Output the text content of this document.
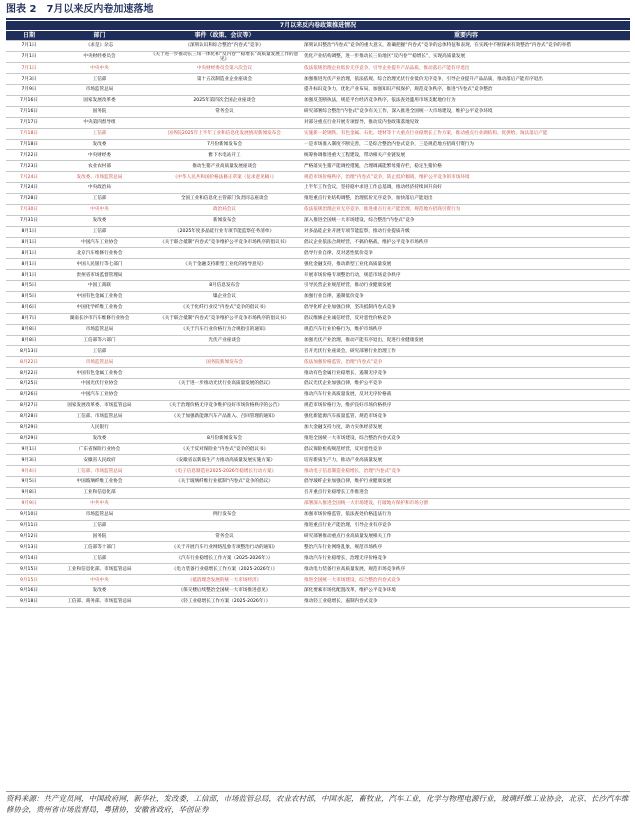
图表 2　7月以来反内卷加速落地
7月以来反内卷政策推进情况			
日期	部门	事件（政策、会议等）	重要内容
7月1日	《求是》杂志	《深刻认识和综合整治“内卷式”竞争》	深刻认识整治“内卷式”竞争的重大意义，准确把握“内卷式”竞争的总体特征和表现，在实践中不断探索有效整治“内卷式”竞争的举措
7月1日	中央财经委员会	《关于进一步推动长三角一体化和“反内卷”“稳增长”高质量发展工作的意见》	优化产业结构调整，进一步推动长三角地区“反内卷”“稳增长”，实现高质量发展
7月1日	中央中央	中央财经委员会第六次会议	依法依规治理企业低价无序竞争，引导企业提升产品品质，推动落后产能有序退出
7月3日	工信部	第十五次制造业企业座谈会	加强推进光伏产业治理，依法依规、综合治理光伏行业低价无序竞争，引导企业提升产品品质，推动落后产能有序退出
7月9日	市场监管总局		提升标识竞争力，优化产业布局，加强知识产权保护，规范竞争秩序，推进“内卷式”竞争整治
7月16日	国家发展改革委	2025年第四次全国企业座谈会	加强反垄断执法，规范平台经济竞争秩序，依法查处滥用市场支配地位行为
7月16日	国务院	常务会议	研究部署综合整治“内卷式”竞争有关工作，深入推进全国统一大市场建设，维护公平竞争环境
7月17日	中央第四督导组		对部分重点行业开展专项督导，推动反内卷政策落地见效
7月18日	工信部	国务院2025年上半年工业和信息化发展情况新闻发布会	实施新一轮钢铁、有色金属、石化、建材等十大重点行业稳增长工作方案，推动重点行业调结构、优供给、淘汰落后产能
7月18日	发改委	7月份新闻发布会	一是市场准入制度不断完善，二是综合整治内卷式竞争，三是规范地方招商引资行为
7月22日	中央财经委	雅下水电站开工	统筹协调推进重大工程建设，带动相关产业链发展
7月23日	农业农村部	推动生猪产业高质量发展座谈会	严格落实生猪产能调控措施，合理调减能繁母猪存栏，稳定生猪价格
7月24日	发改委、市场监管总局	《中华人民共和国价格法修正草案（征求意见稿）》	规范市场价格秩序，治理“内卷式”竞争，防止低价倾销，维护公平竞争的市场环境
7月24日	中央政治局		上半年工作会议，坚持稳中求进工作总基调，推动经济持续回升向好
7月28日	工信部	全国工业和信息化主管部门负责同志座谈会	推进重点行业结构调整，治理低价无序竞争，加快落后产能退出
7月30日	中央中央	政治局会议	依法依规治理企业无序竞争，推进重点行业产能治理，规范地方招商引资行为
7月31日	发改委	新闻发布会	深入推进全国统一大市场建设，综合整治“内卷式”竞争
8月1日	工信部	《2025年度多晶硅行业专项节能监察任务清单》	对多晶硅企业开展专项节能监察，推动行业提质升级
8月1日	中国汽车工业协会	《关于联合抵制“内卷式”竞争维护公平竞争市场秩序的倡议书》	倡议企业依法合规经营，不搞价格战，维护公平竞争市场秩序
8月1日	北京汽车维修行业协会		倡导行业自律，反对恶性低价竞争
8月1日	中国人民银行等七部门	《关于金融支持新型工业化的指导意见》	强化金融支持，推动新型工业化高质量发展
8月1日	贵州省市场监督管理局		开展市场价格专项整治行动，规范市场竞争秩序
8月5日	中国工商联	8月信息发布会	引导民营企业规范经营，推动行业健康发展
8月5日	中国有色金属工业协会	镍企业会议	加强行业自律，遏制低价竞争
8月6日	中国化学纤维工业协会	《关于化纤行业反“内卷式”竞争的倡议书》	倡导化纤企业加强自律，坚决抵制内卷式竞争
8月7日	湖南长沙市汽车维修行业协会	《关于联合抵制“内卷式”竞争维护公平竞争市场秩序的倡议书》	倡议维修企业诚信经营，反对恶性价格竞争
8月8日	市场监管总局	《关于汽车行业价格行为合规指引的通知》	规范汽车行业价格行为，维护市场秩序
8月8日	工信部等六部门	光伏产业座谈会	加强光伏产业治理，推动产能有序退出，促进行业健康发展
8月13日	工信部		召开光伏行业座谈会，研究部署行业治理工作
8月22日	市场监管总局	国务院新闻发布会	依法加强价格监管，治理“内卷式”竞争
8月22日	中国有色金属工业协会		推动有色金属行业稳增长，遏制无序竞争
8月25日	中国光伏行业协会	《关于进一步推动光伏行业高质量发展的倡议》	倡议光伏企业加强自律，维护公平竞争
8月26日	中国汽车工业协会		推动汽车行业高质量发展，反对无序价格战
8月27日	国家发展改革委、市场监管总局	《关于治理价格无序竞争维护良好市场价格秩序的公告》	规范市场价格行为，维护良好市场价格秩序
8月28日	工信部、市场监管总局	《关于加强新能源汽车产品准入、召回管理的通知》	强化新能源汽车质量监管，规范市场竞争
8月29日	人民银行		加大金融支持力度，助力实体经济发展
8月29日	发改委	8月份新闻发布会	推进全国统一大市场建设，综合整治内卷式竞争
9月1日	广东省保险行业协会	《关于反对保险业“内卷式”竞争的倡议书》	倡议保险机构规范经营，反对恶性竞争
9月3日	安徽省人民政府	《安徽省以新质生产力推动高质量发展实施方案》	培育新质生产力，推动产业高质量发展
9月4日	工信部、市场监管总局	《电子信息制造业2025-2026年稳增长行动方案》	推动电子信息制造业稳增长，治理“内卷式”竞争
9月5日	中国玻璃纤维工业协会	《关于玻璃纤维行业抵制“内卷式”竞争的倡议》	倡导玻纤企业加强自律，维护行业健康发展
9月8日	工业和信息化部		召开重点行业稳增长工作推进会
9月9日	中共中央		部署深入推进全国统一大市场建设，打破地方保护和市场分割
9月10日	市场监管总局	例行发布会	加强市场价格监管，依法查处价格违法行为
9月11日	工信部		推进重点行业产能治理，引导企业有序竞争
9月12日	国务院	常务会议	研究部署推动重点行业高质量发展相关工作
9月13日	工信部等十部门	《关于开展汽车行业网络乱象专项整治行动的通知》	整治汽车行业网络乱象，规范市场秩序
9月14日	工信部	《汽车行业稳增长工作方案（2025-2026年）》	推动汽车行业稳增长，治理无序价格竞争
9月15日	工业和信息化部、市场监管总局	《电力装备行业稳增长工作方案（2025-2026年）》	推动电力装备行业高质量发展，规范市场竞争秩序
9月15日	中央中央	《抵消理念发展的统一大市场经济》	推进全国统一大市场建设，综合整治内卷式竞争
9月16日	发改委	《保交楼后续整治全国统一大市场推进意见》	深化要素市场化配置改革，维护公平竞争环境
9月18日	工信部、商务部、市场监管总局	《轻工业稳增长工作方案（2025-2026年）》	推动轻工业稳增长，遏制内卷式竞争
资料来源：共产党员网，中国政府网，新华社，发改委，工信部，市场监管总局，农业农村部，中国水泥，畜牧业，汽车工业，化学与物理电源行业，玻璃纤维工业协会，北京、长沙汽车维修协会，贵州省市场监督局，粤猪协，安徽省政府，华创证券
